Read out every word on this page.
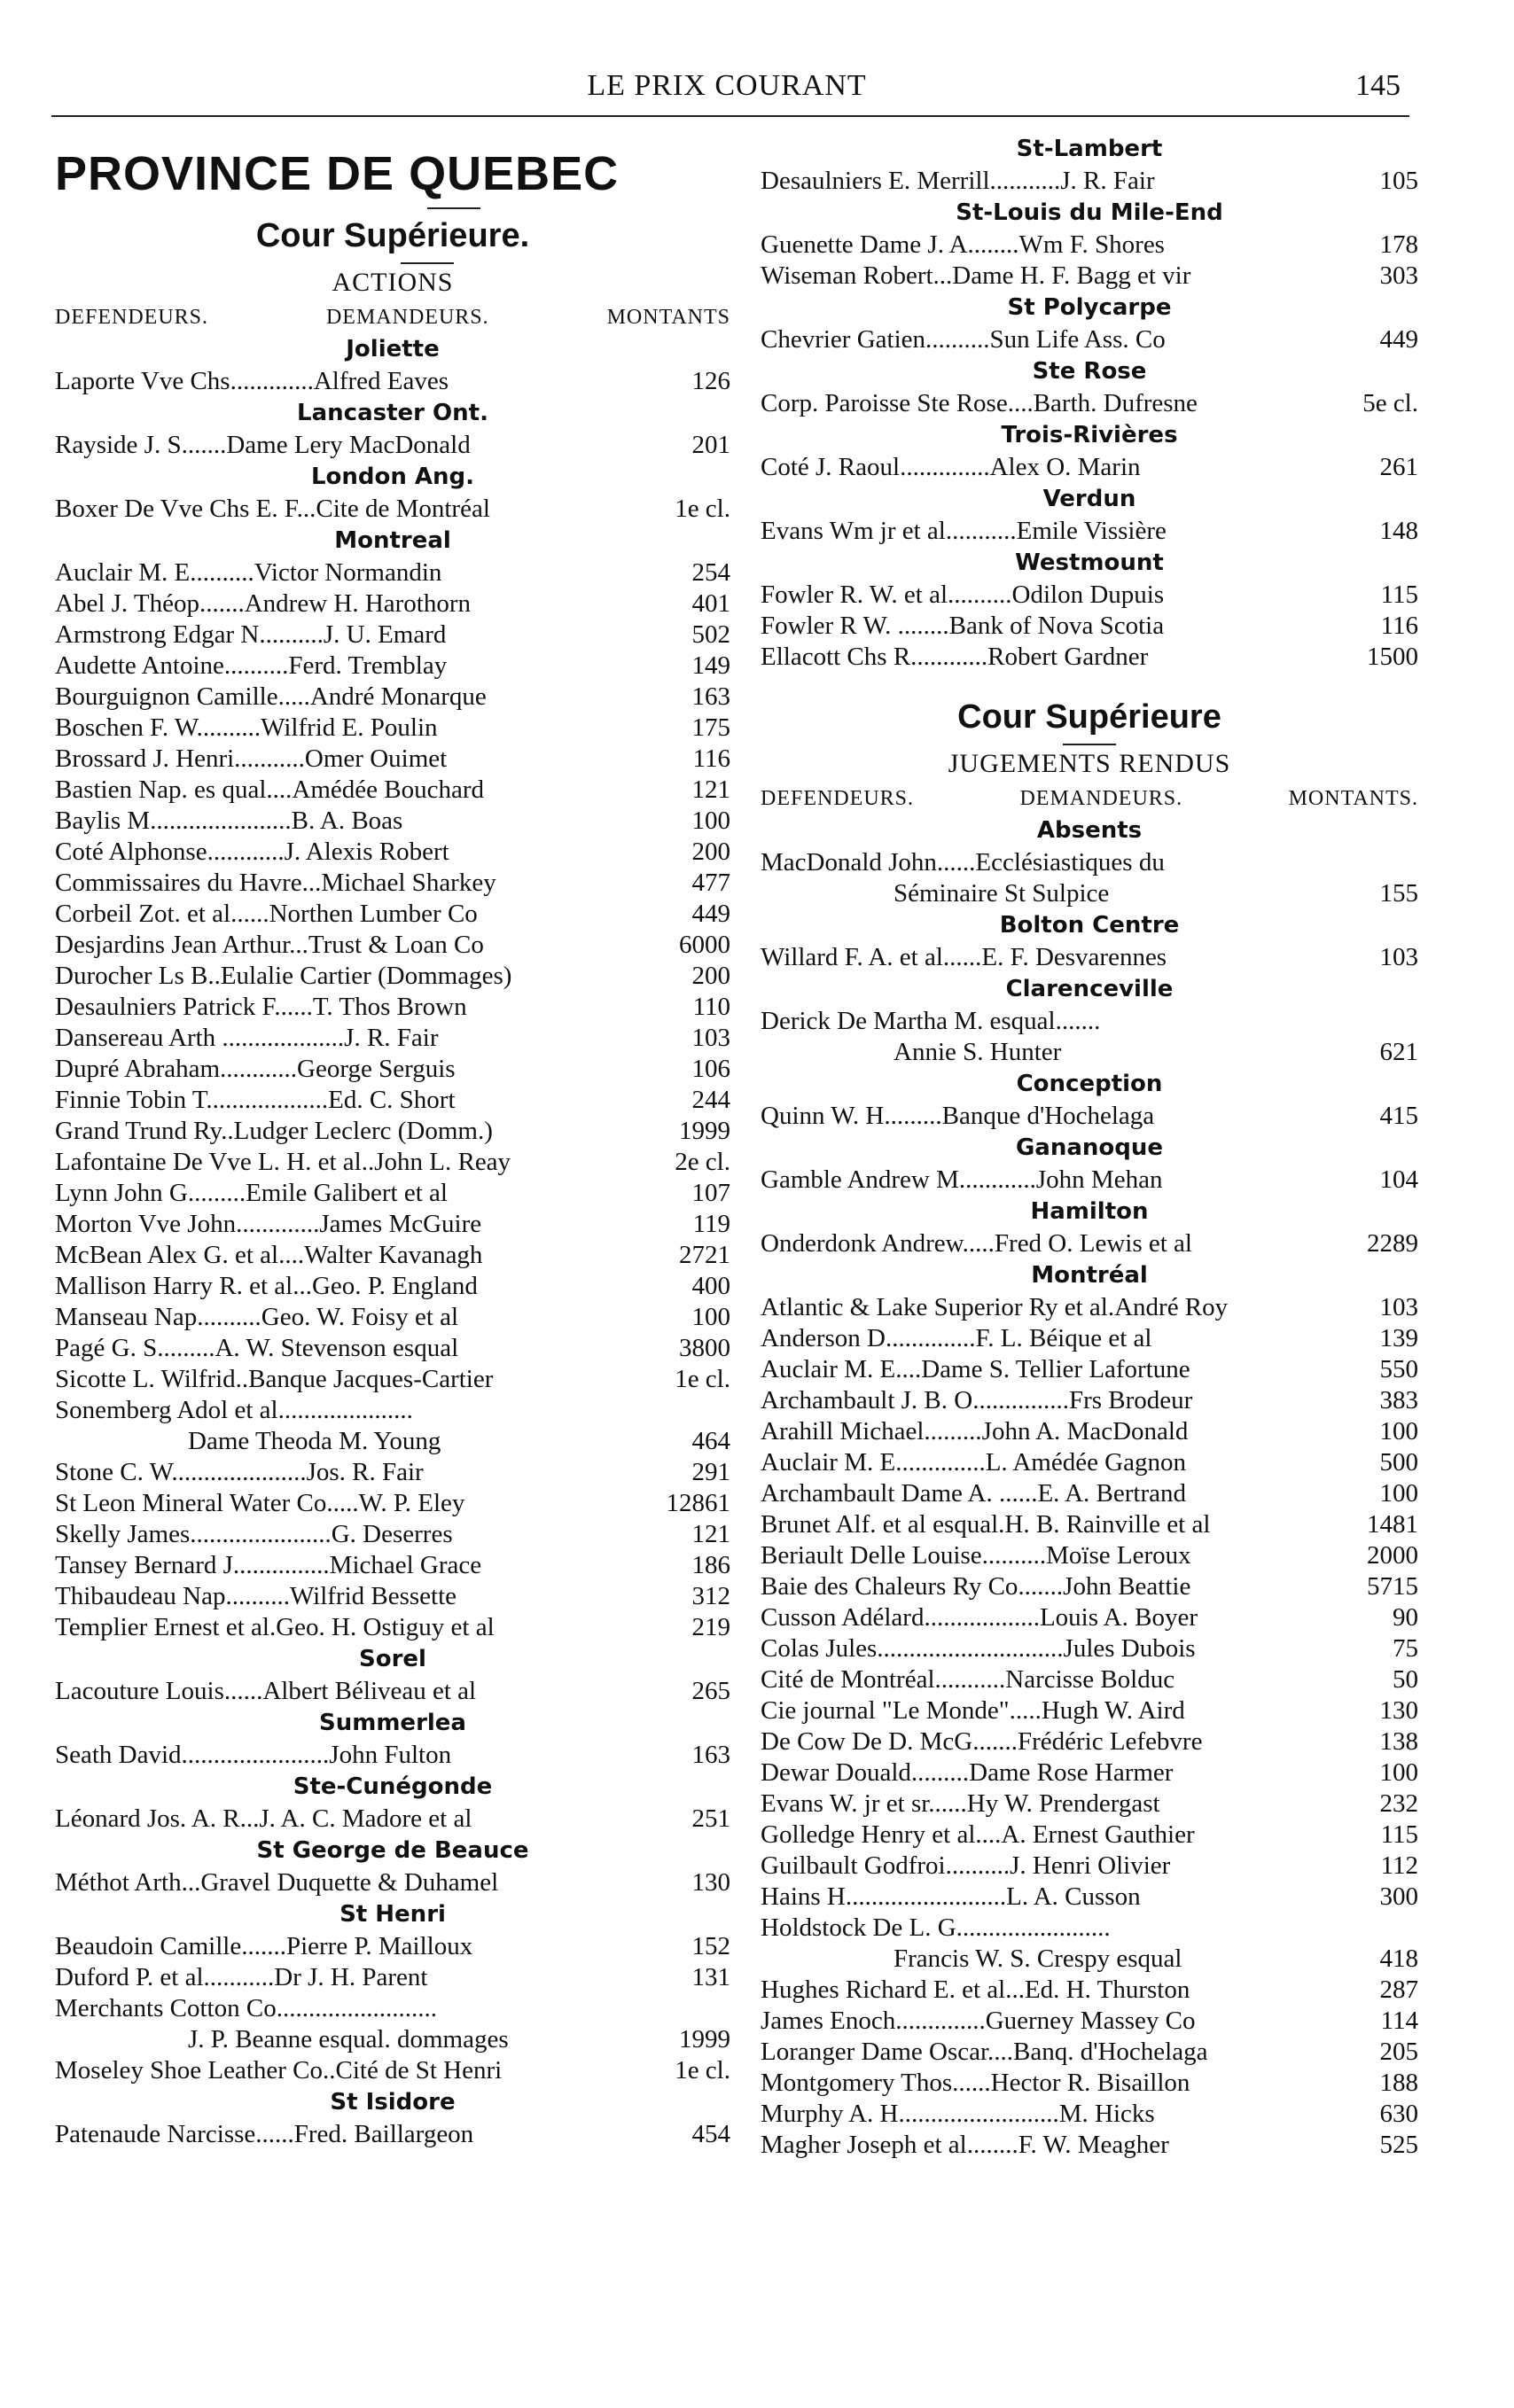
LE PRIX COURANT	145
PROVINCE DE QUEBEC
Cour Supérieure.
ACTIONS
DEFENDEURS.	DEMANDEURS.	MONTANTS
Joliette
Laporte Vve Chs.............Alfred Eaves	126
Lancaster Ont.
Rayside J. S.......Dame Lery MacDonald	201
London Ang.
Boxer De Vve Chs E. F...Cite de Montréal	1e cl.
Montreal
Auclair M. E..........Victor Normandin	254
Abel J. Théop.......Andrew H. Harothorn	401
Armstrong Edgar N..........J. U. Emard	502
Audette Antoine..........Ferd. Tremblay	149
Bourguignon Camille.....André Monarque	163
Boschen F. W..........Wilfrid E. Poulin	175
Brossard J. Henri...........Omer Ouimet	116
Bastien Nap. es qual....Amédée Bouchard	121
Baylis M......................B. A. Boas	100
Coté Alphonse............J. Alexis Robert	200
Commissaires du Havre...Michael Sharkey	477
Corbeil Zot. et al......Northen Lumber Co	449
Desjardins Jean Arthur...Trust & Loan Co	6000
Durocher Ls B..Eulalie Cartier (Dommages)	200
Desaulniers Patrick F......T. Thos Brown	110
Dansereau Arth ...................J. R. Fair	103
Dupré Abraham............George Serguis	106
Finnie Tobin T...................Ed. C. Short	244
Grand Trund Ry..Ludger Leclerc (Domm.)	1999
Lafontaine De Vve L. H. et al..John L. Reay	2e cl.
Lynn John G.........Emile Galibert et al	107
Morton Vve John.............James McGuire	119
McBean Alex G. et al....Walter Kavanagh	2721
Mallison Harry R. et al...Geo. P. England	400
Manseau Nap..........Geo. W. Foisy et al	100
Pagé G. S.........A. W. Stevenson esqual	3800
Sicotte L. Wilfrid..Banque Jacques-Cartier	1e cl.
Sonemberg Adol et al.....................
Dame Theoda M. Young	464
Stone C. W.....................Jos. R. Fair	291
St Leon Mineral Water Co.....W. P. Eley	12861
Skelly James......................G. Deserres	121
Tansey Bernard J...............Michael Grace	186
Thibaudeau Nap..........Wilfrid Bessette	312
Templier Ernest et al.Geo. H. Ostiguy et al	219
Sorel
Lacouture Louis......Albert Béliveau et al	265
Summerlea
Seath David.......................John Fulton	163
Ste-Cunégonde
Léonard Jos. A. R...J. A. C. Madore et al	251
St George de Beauce
Méthot Arth...Gravel Duquette & Duhamel	130
St Henri
Beaudoin Camille.......Pierre P. Mailloux	152
Duford P. et al...........Dr J. H. Parent	131
Merchants Cotton Co.........................
J. P. Beanne esqual. dommages	1999
Moseley Shoe Leather Co..Cité de St Henri	1e cl.
St Isidore
Patenaude Narcisse......Fred. Baillargeon	454
St-Lambert
Desaulniers E. Merrill...........J. R. Fair	105
St-Louis du Mile-End
Guenette Dame J. A........Wm F. Shores	178
Wiseman Robert...Dame H. F. Bagg et vir	303
St Polycarpe
Chevrier Gatien..........Sun Life Ass. Co	449
Ste Rose
Corp. Paroisse Ste Rose....Barth. Dufresne	5e cl.
Trois-Rivières
Coté J. Raoul..............Alex O. Marin	261
Verdun
Evans Wm jr et al...........Emile Vissière	148
Westmount
Fowler R. W. et al..........Odilon Dupuis	115
Fowler R W. ........Bank of Nova Scotia	116
Ellacott Chs R............Robert Gardner	1500
Cour Supérieure
JUGEMENTS RENDUS
DEFENDEURS.	DEMANDEURS.	MONTANTS.
Absents
MacDonald John......Ecclésiastiques du
Séminaire St Sulpice	155
Bolton Centre
Willard F. A. et al......E. F. Desvarennes	103
Clarenceville
Derick De Martha M. esqual.......
Annie S. Hunter	621
Conception
Quinn W. H.........Banque d'Hochelaga	415
Gananoque
Gamble Andrew M............John Mehan	104
Hamilton
Onderdonk Andrew.....Fred O. Lewis et al	2289
Montréal
Atlantic & Lake Superior Ry et al.André Roy	103
Anderson D..............F. L. Béique et al	139
Auclair M. E....Dame S. Tellier Lafortune	550
Archambault J. B. O...............Frs Brodeur	383
Arahill Michael.........John A. MacDonald	100
Auclair M. E..............L. Amédée Gagnon	500
Archambault Dame A. ......E. A. Bertrand	100
Brunet Alf. et al esqual.H. B. Rainville et al	1481
Beriault Delle Louise..........Moïse Leroux	2000
Baie des Chaleurs Ry Co.......John Beattie	5715
Cusson Adélard..................Louis A. Boyer	90
Colas Jules.............................Jules Dubois	75
Cité de Montréal...........Narcisse Bolduc	50
Cie journal "Le Monde".....Hugh W. Aird	130
De Cow De D. McG.......Frédéric Lefebvre	138
Dewar Douald.........Dame Rose Harmer	100
Evans W. jr et sr......Hy W. Prendergast	232
Golledge Henry et al....A. Ernest Gauthier	115
Guilbault Godfroi..........J. Henri Olivier	112
Hains H.........................L. A. Cusson	300
Holdstock De L. G........................
Francis W. S. Crespy esqual	418
Hughes Richard E. et al...Ed. H. Thurston	287
James Enoch..............Guerney Massey Co	114
Loranger Dame Oscar....Banq. d'Hochelaga	205
Montgomery Thos......Hector R. Bisaillon	188
Murphy A. H.........................M. Hicks	630
Magher Joseph et al........F. W. Meagher	525
